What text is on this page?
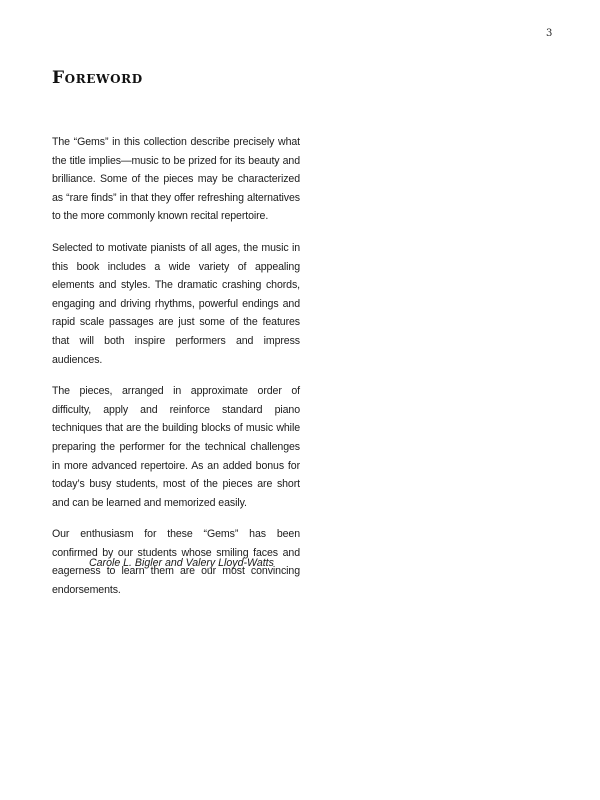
3
Foreword

The “Gems” in this collection describe precisely what the title implies—music to be prized for its beauty and brilliance. Some of the pieces may be characterized as “rare finds” in that they offer refreshing alternatives to the more commonly known recital repertoire.

Selected to motivate pianists of all ages, the music in this book includes a wide variety of appealing elements and styles. The dramatic crashing chords, engaging and driving rhythms, powerful endings and rapid scale passages are just some of the features that will both inspire performers and impress audiences.

The pieces, arranged in approximate order of difficulty, apply and reinforce standard piano techniques that are the building blocks of music while preparing the performer for the technical challenges in more advanced repertoire. As an added bonus for today’s busy students, most of the pieces are short and can be learned and memorized easily.

Our enthusiasm for these “Gems” has been confirmed by our students whose smiling faces and eagerness to learn them are our most convincing endorsements.

Carole L. Bigler and Valery Lloyd-Watts
